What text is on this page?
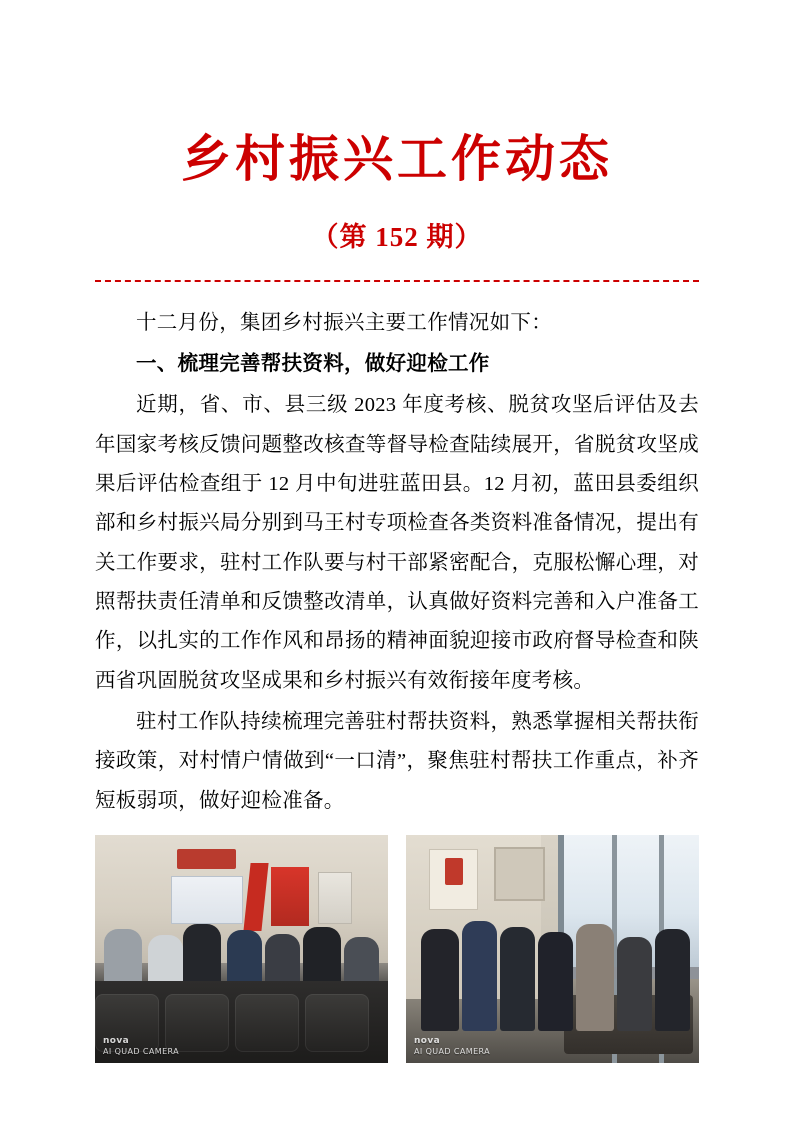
乡村振兴工作动态
（第 152 期）

十二月份，集团乡村振兴主要工作情况如下：

一、梳理完善帮扶资料，做好迎检工作

近期，省、市、县三级 2023 年度考核、脱贫攻坚后评估及去年国家考核反馈问题整改核查等督导检查陆续展开，省脱贫攻坚成果后评估检查组于 12 月中旬进驻蓝田县。12 月初，蓝田县委组织部和乡村振兴局分别到马王村专项检查各类资料准备情况，提出有关工作要求，驻村工作队要与村干部紧密配合，克服松懈心理，对照帮扶责任清单和反馈整改清单，认真做好资料完善和入户准备工作，以扎实的工作作风和昂扬的精神面貌迎接市政府督导检查和陕西省巩固脱贫攻坚成果和乡村振兴有效衔接年度考核。

驻村工作队持续梳理完善驻村帮扶资料，熟悉掌握相关帮扶衔接政策，对村情户情做到“一口清”，聚焦驻村帮扶工作重点，补齐短板弱项，做好迎检准备。

nova
AI QUAD CAMERA
nova
AI QUAD CAMERA
